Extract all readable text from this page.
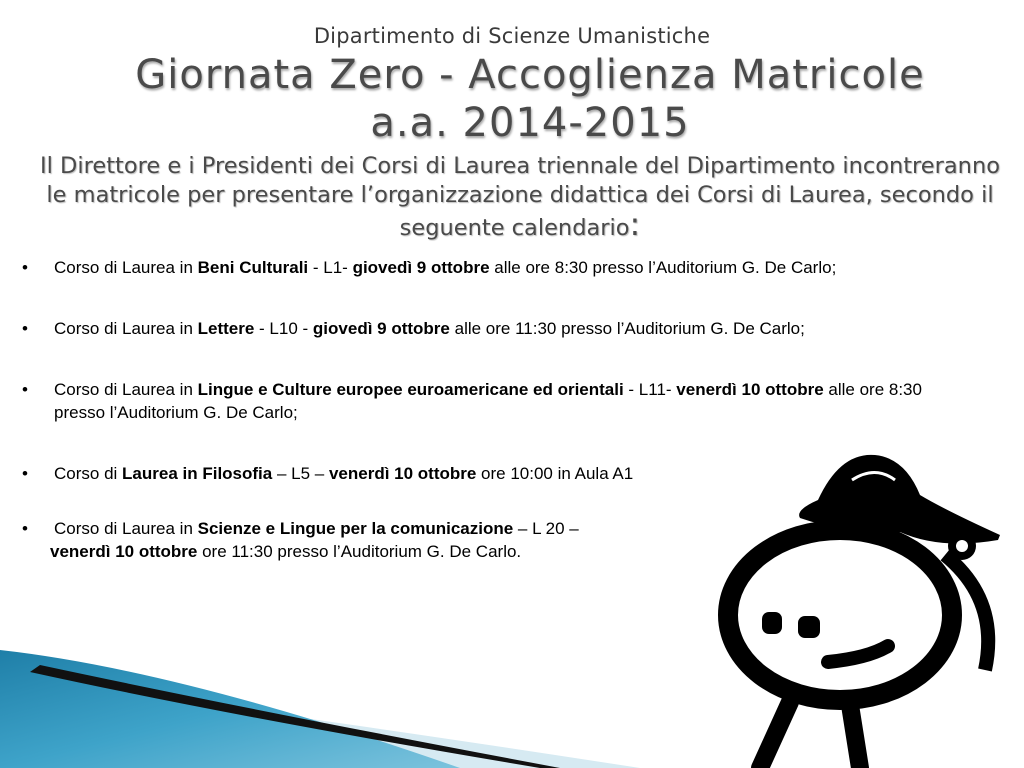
Dipartimento di Scienze Umanistiche
Giornata Zero - Accoglienza Matricole
a.a. 2014-2015
Il Direttore e i Presidenti dei Corsi di Laurea triennale del Dipartimento incontreranno le matricole per presentare l’organizzazione didattica dei Corsi di Laurea, secondo il seguente calendario:
• Corso di Laurea in Beni Culturali - L1- giovedì 9 ottobre alle ore 8:30 presso l’Auditorium G. De Carlo;
• Corso di Laurea in Lettere - L10 - giovedì 9 ottobre alle ore 11:30 presso l’Auditorium G. De Carlo;
• Corso di Laurea in Lingue e Culture europee euroamericane ed orientali - L11- venerdì 10 ottobre alle ore 8:30 presso l’Auditorium G. De Carlo;
• Corso di Laurea in Filosofia – L5 – venerdì 10 ottobre ore 10:00 in Aula A1
• Corso di Laurea in Scienze e Lingue per la comunicazione – L 20 –
venerdì 10 ottobre ore 11:30 presso l’Auditorium G. De Carlo.
